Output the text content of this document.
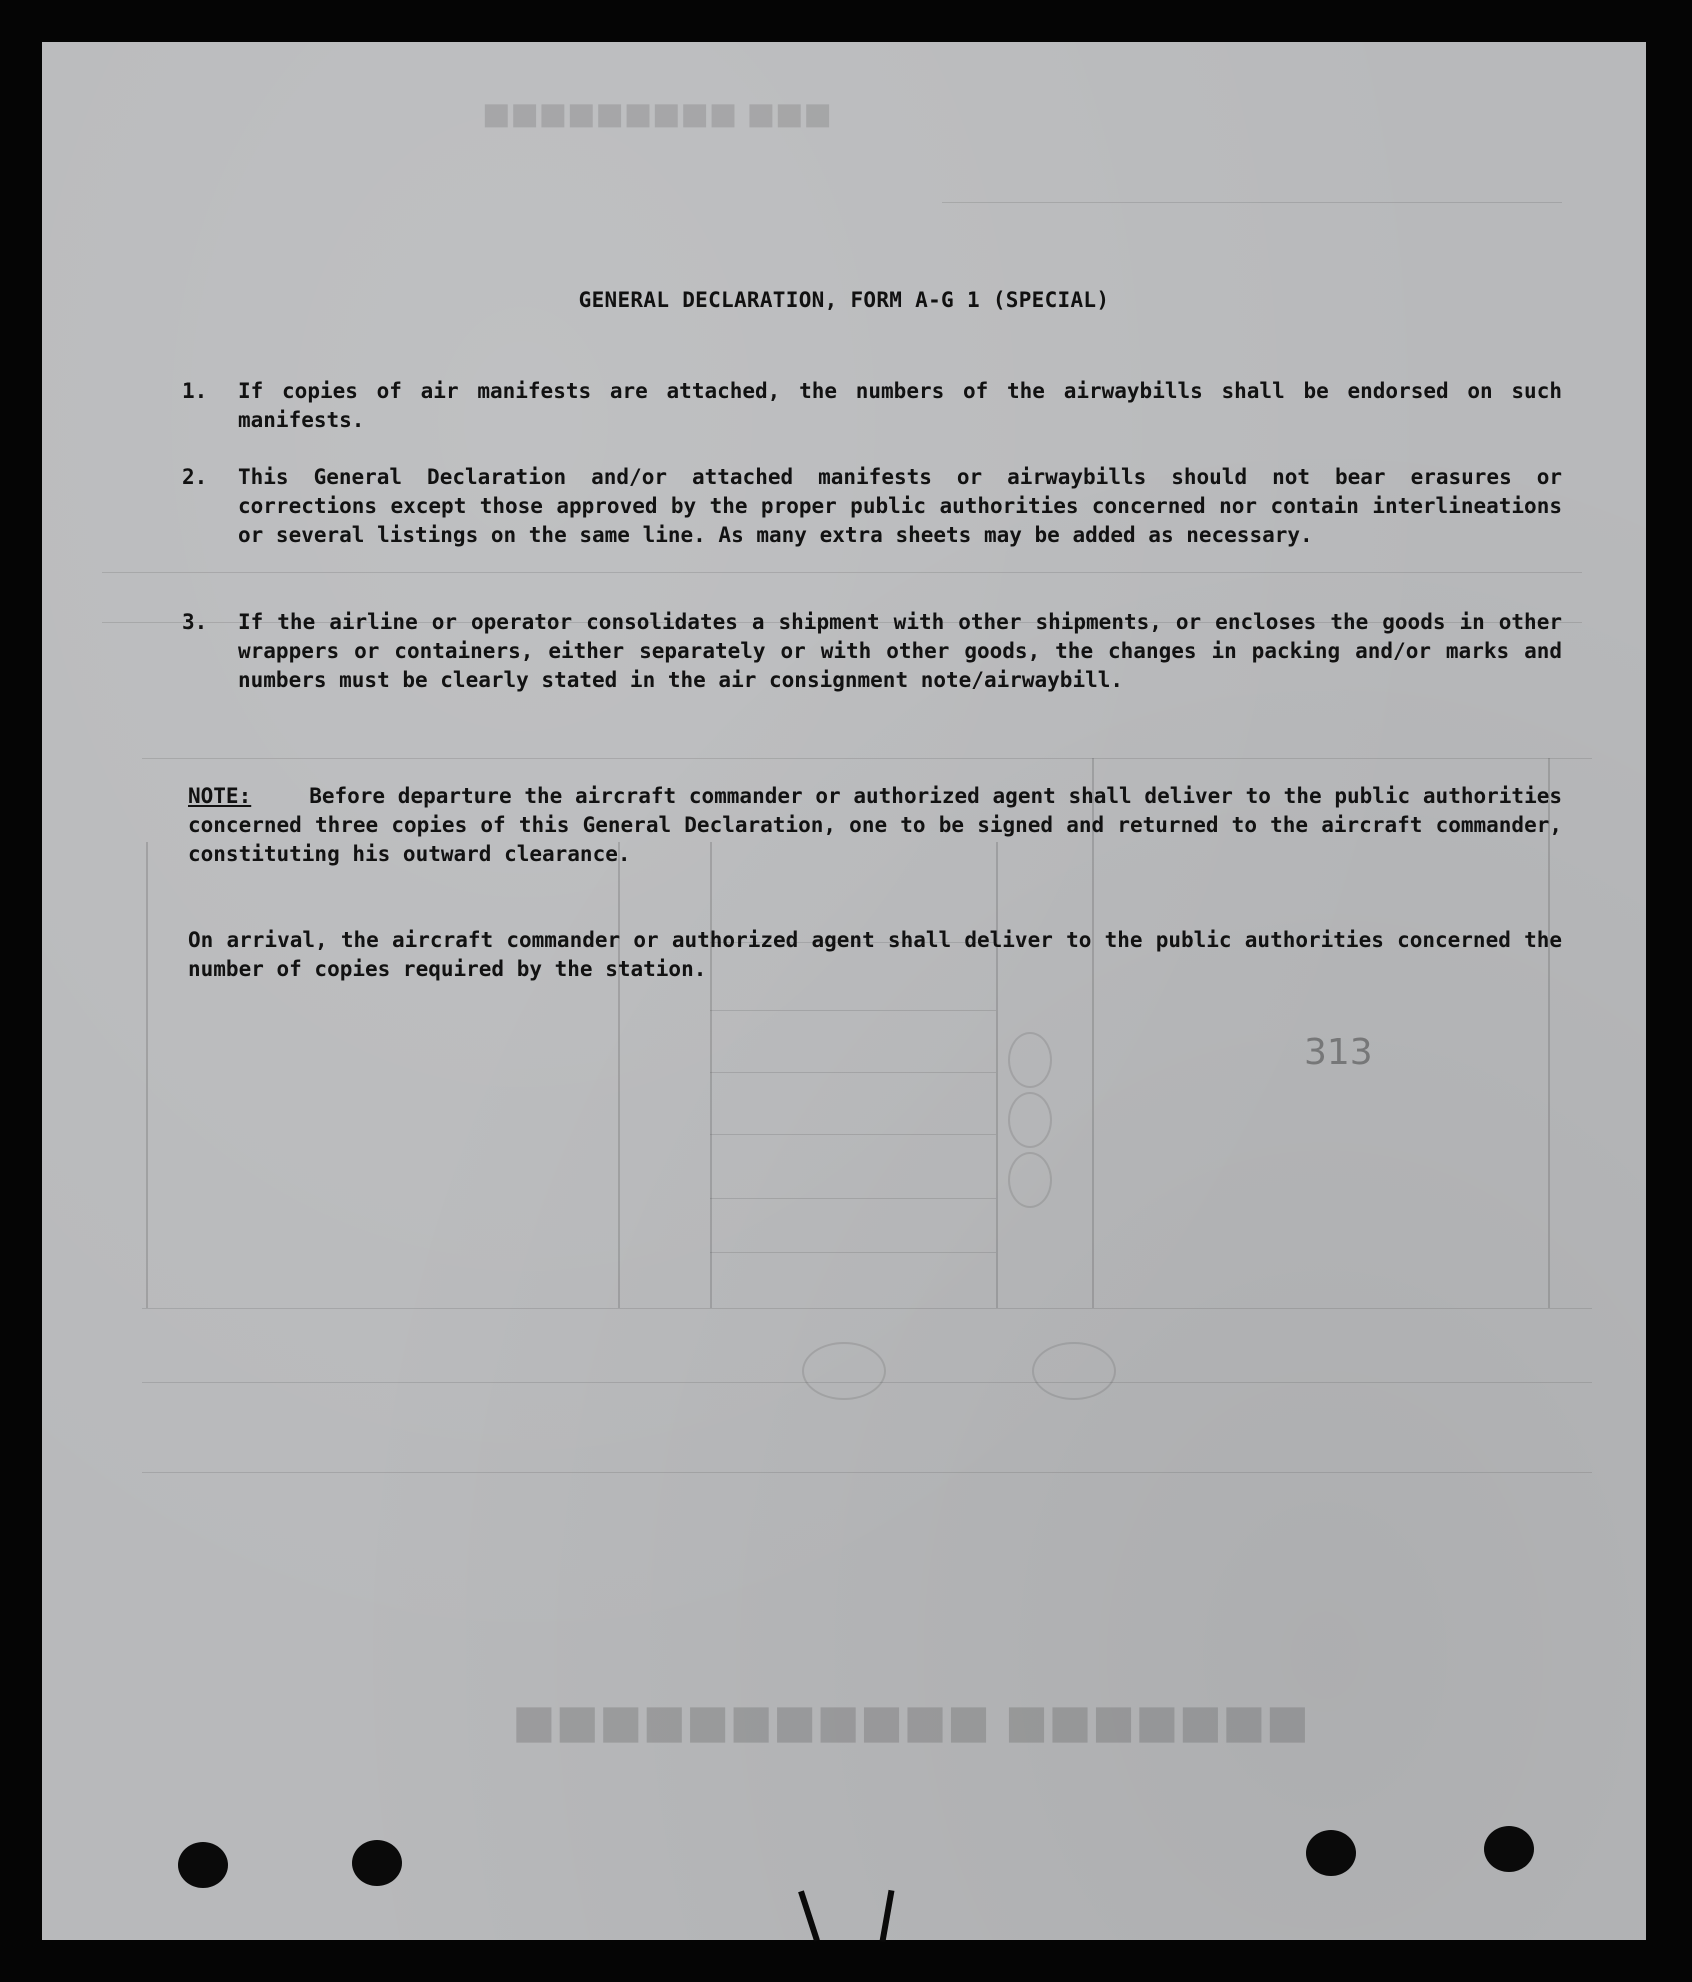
■■■ ■■■■■■■■■
■■■■■■■ ■■■■■■■■■■■
GENERAL DECLARATION, FORM A-G 1 (SPECIAL)
1.	If copies of air manifests are attached, the numbers of the airwaybills shall be endorsed on such manifests.
2.	This General Declaration and/or attached manifests or airwaybills should not bear erasures or corrections except those approved by the proper public authorities concerned nor contain interlineations or several listings on the same line. As many extra sheets may be added as necessary.
3.	If the airline or operator consolidates a shipment with other shipments, or encloses the goods in other wrappers or containers, either separately or with other goods, the changes in packing and/or marks and numbers must be clearly stated in the air consignment note/airwaybill.
NOTE:	Before departure the aircraft commander or authorized agent shall deliver to the public authorities concerned three copies of this General Declaration, one to be signed and returned to the aircraft commander, constituting his outward clearance.
On arrival, the aircraft commander or authorized agent shall deliver to the public authorities concerned the number of copies required by the station.
313
